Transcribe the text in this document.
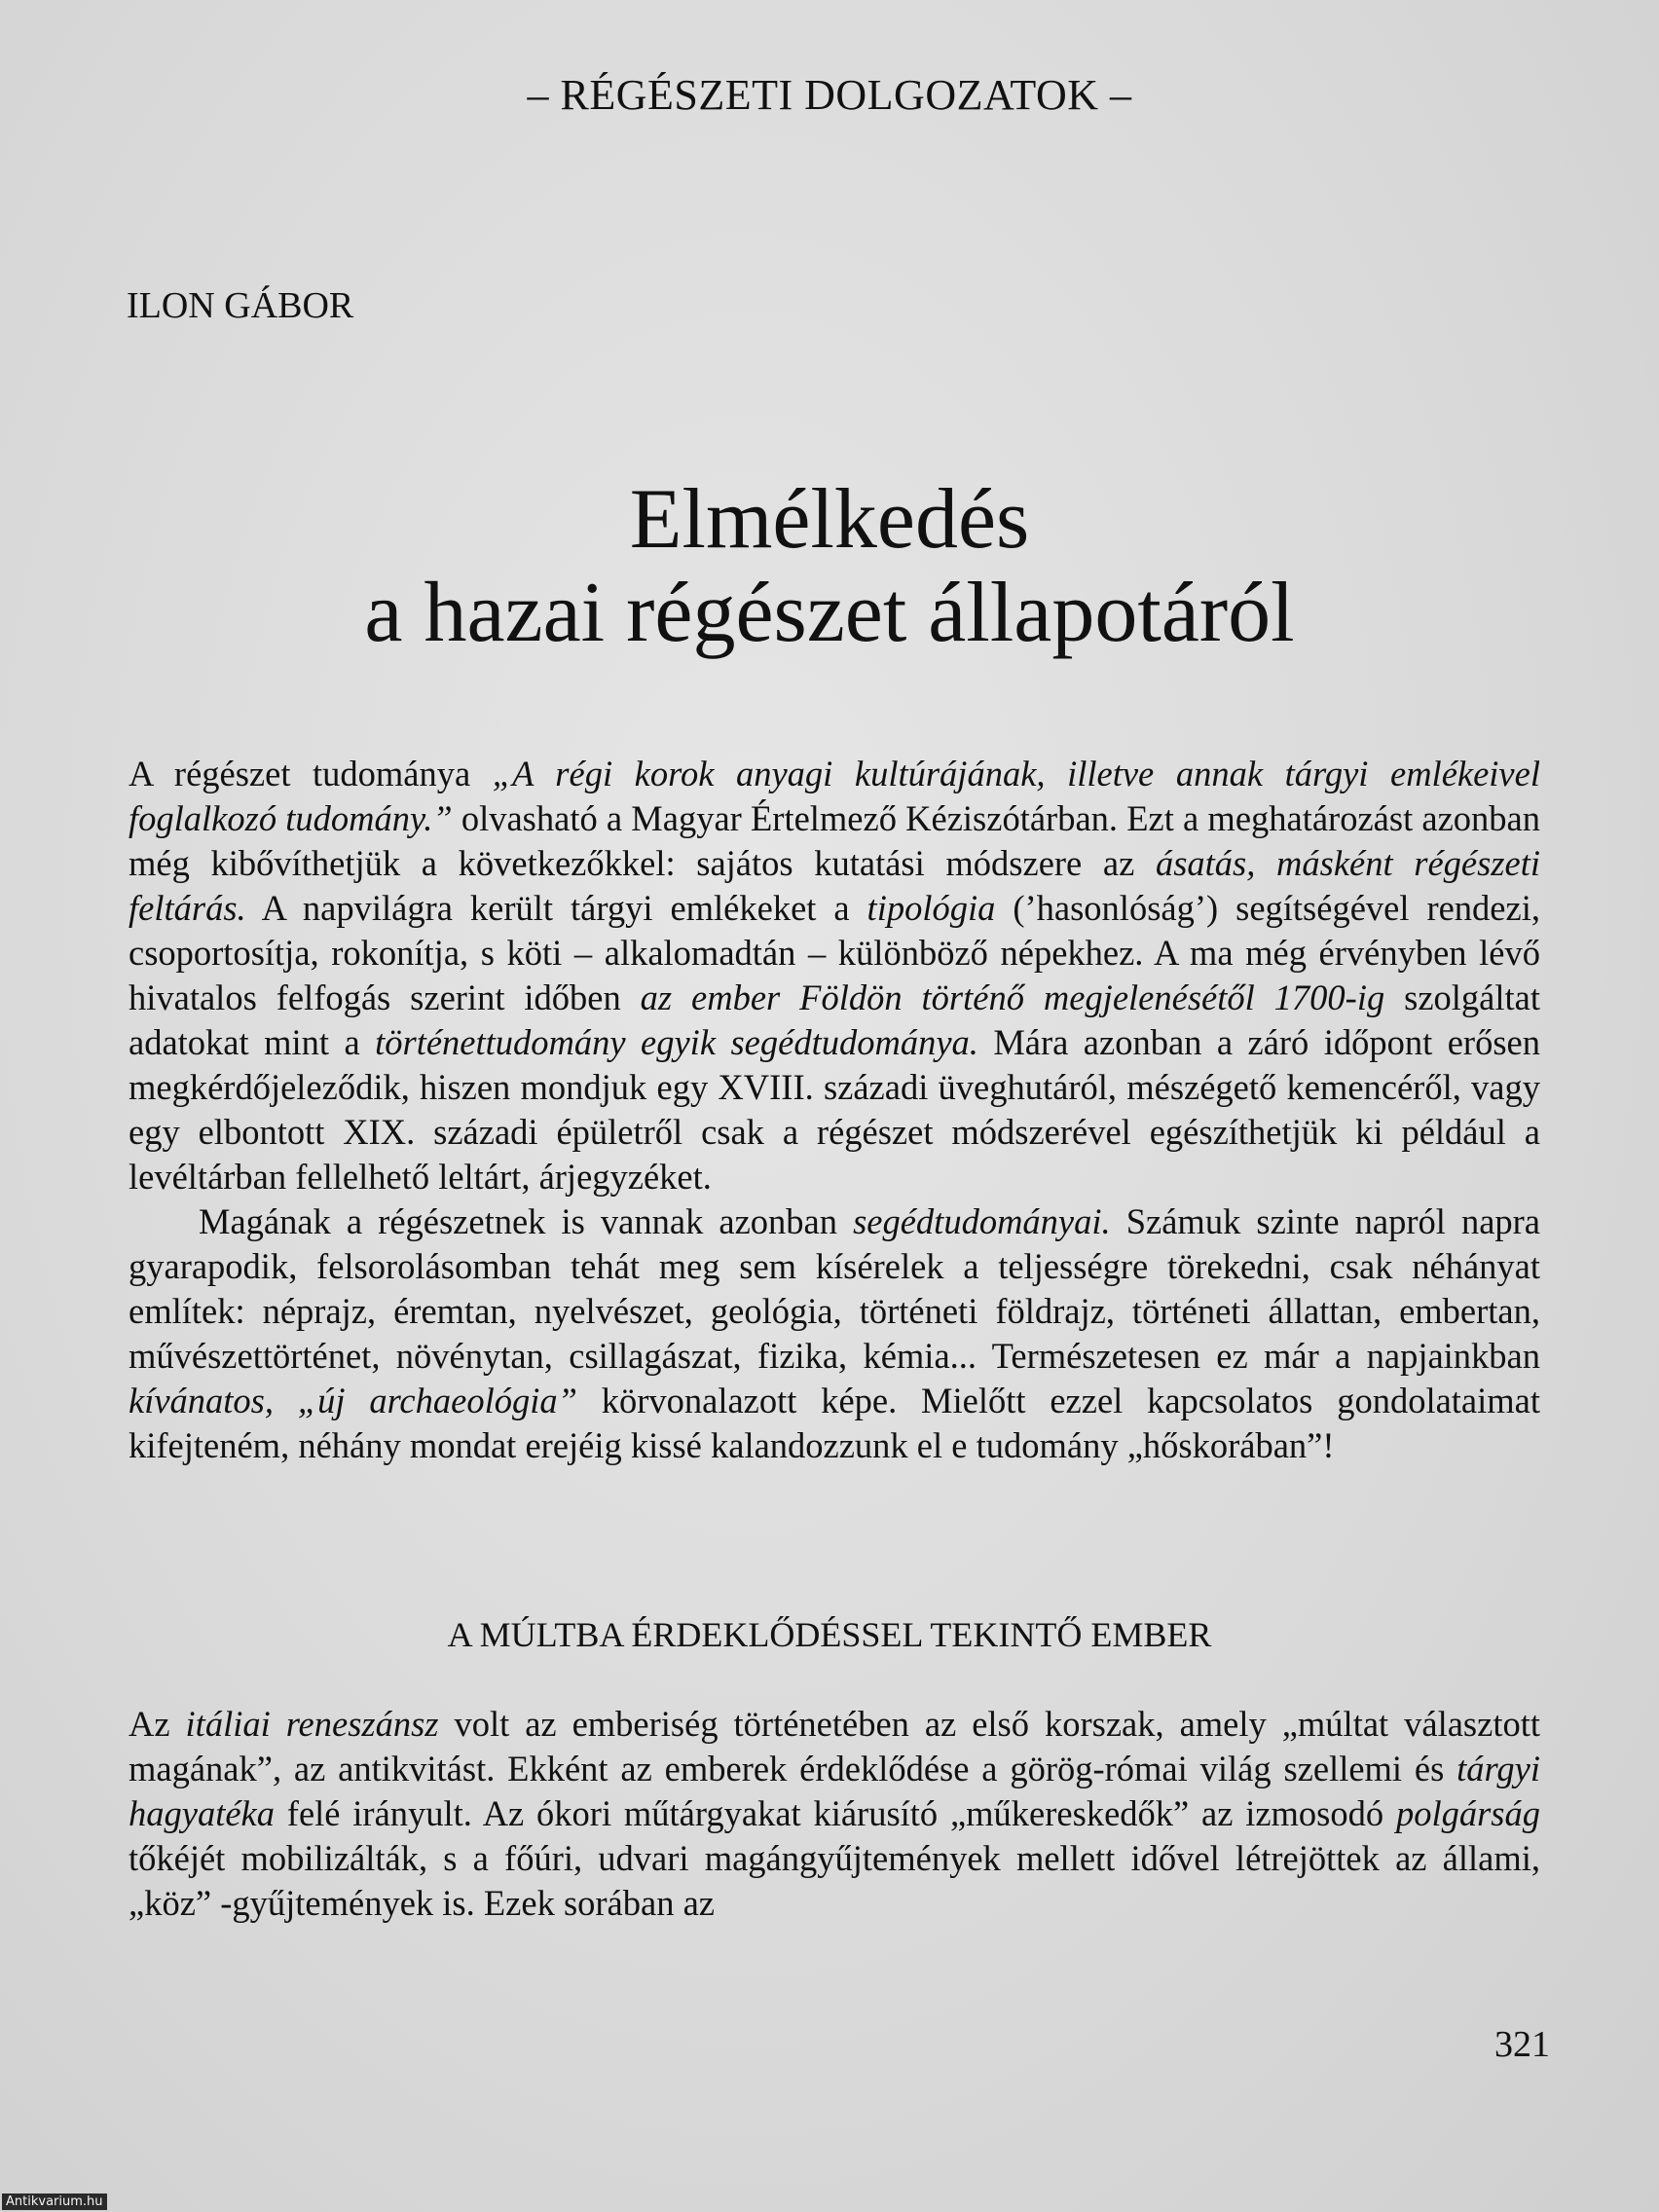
– RÉGÉSZETI DOLGOZATOK –
ILON GÁBOR
Elmélkedés
a hazai régészet állapotáról

A régészet tudománya „A régi korok anyagi kultúrájának, illetve annak tárgyi emlékeivel foglalkozó tudomány.” olvasható a Magyar Értelmező Kéziszótárban. Ezt a meghatározást azonban még kibővíthetjük a következőkkel: sajátos kutatási módszere az ásatás, másként régészeti feltárás. A napvilágra került tárgyi emlékeket a tipológia (’hasonlóság’) segítségével rendezi, csoportosítja, rokonítja, s köti – alkalomadtán – különböző népekhez. A ma még érvényben lévő hivatalos felfogás szerint időben az ember Földön történő megjelenésétől 1700-ig szolgáltat adatokat mint a történettudomány egyik segédtudománya. Mára azonban a záró időpont erősen megkérdőjeleződik, hiszen mondjuk egy XVIII. századi üveghutáról, mészégető kemencéről, vagy egy elbontott XIX. századi épületről csak a régészet módszerével egészíthetjük ki például a levéltárban fellelhető leltárt, árjegyzéket.

Magának a régészetnek is vannak azonban segédtudományai. Számuk szinte napról napra gyarapodik, felsorolásomban tehát meg sem kísérelek a teljességre törekedni, csak néhányat említek: néprajz, éremtan, nyelvészet, geológia, történeti földrajz, történeti állattan, embertan, művészettörténet, növénytan, csillagászat, fizika, kémia... Természetesen ez már a napjainkban kívánatos, „új archaeológia” körvonalazott képe. Mielőtt ezzel kapcsolatos gondolataimat kifejteném, néhány mondat erejéig kissé kalandozzunk el e tudomány „hőskorában”!

A MÚLTBA ÉRDEKLŐDÉSSEL TEKINTŐ EMBER

Az itáliai reneszánsz volt az emberiség történetében az első korszak, amely „múltat választott magának”, az antikvitást. Ekként az emberek érdeklődése a görög-római világ szellemi és tárgyi hagyatéka felé irányult. Az ókori műtárgyakat kiárusító „műkereskedők” az izmosodó polgárság tőkéjét mobilizálták, s a főúri, udvari magángyűjtemények mellett idővel létrejöttek az állami, „köz” -gyűjtemények is. Ezek sorában az

321
Antikvarium.hu
